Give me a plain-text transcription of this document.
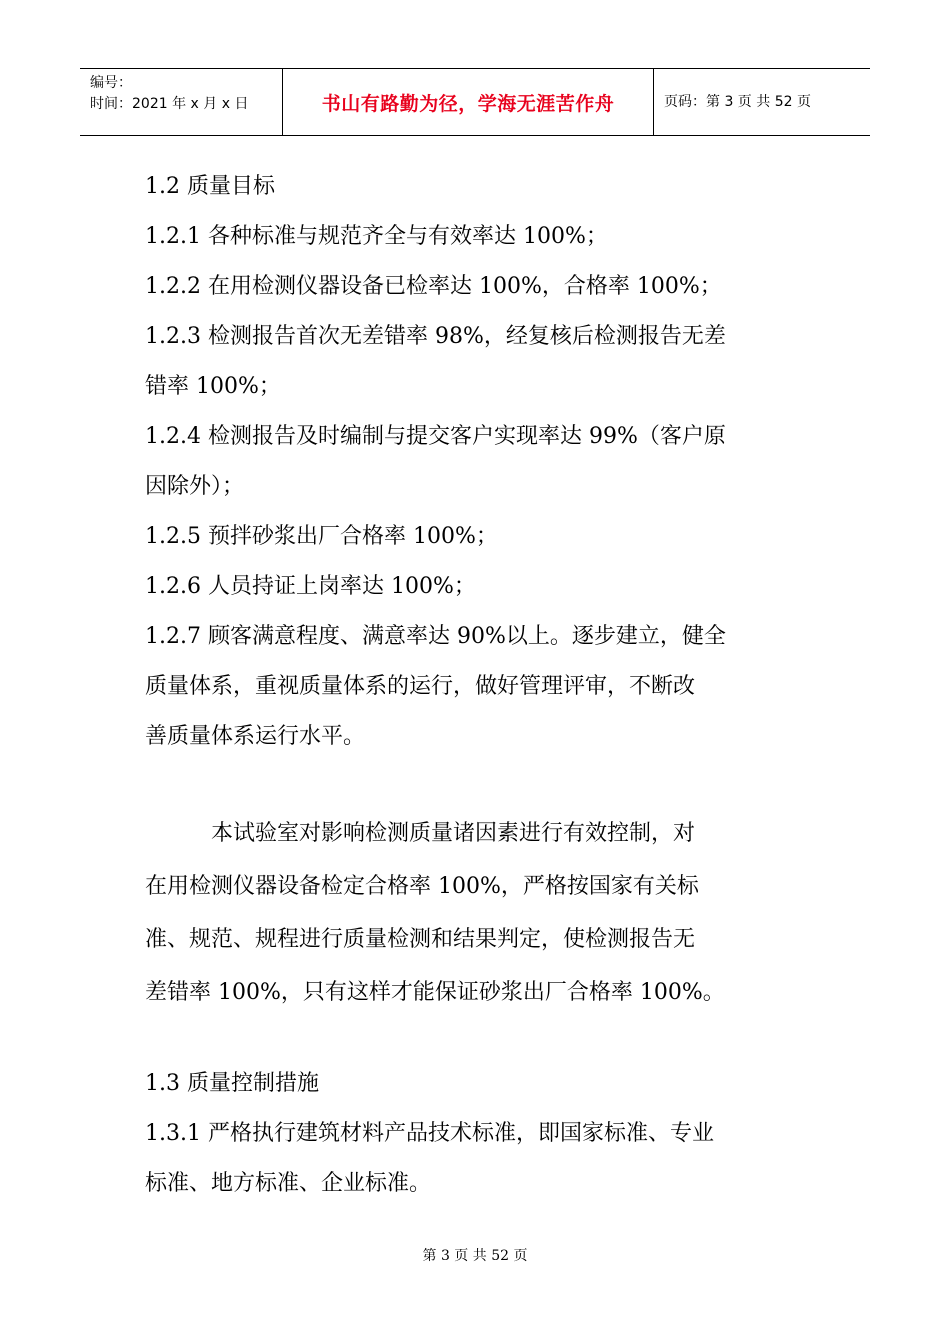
编号：
时间：2021 年 x 月 x 日	书山有路勤为径，学海无涯苦作舟	页码：第 3 页 共 52 页
1.2 质量目标
1.2.1 各种标准与规范齐全与有效率达 100%；
1.2.2 在用检测仪器设备已检率达 100%，合格率 100%；
1.2.3 检测报告首次无差错率 98%，经复核后检测报告无差
错率 100%；
1.2.4 检测报告及时编制与提交客户实现率达 99%（客户原
因除外）；
1.2.5 预拌砂浆出厂合格率 100%；
1.2.6 人员持证上岗率达 100%；
1.2.7 顾客满意程度、满意率达 90%以上。逐步建立，健全
质量体系，重视质量体系的运行，做好管理评审，不断改
善质量体系运行水平。
本试验室对影响检测质量诸因素进行有效控制，对
在用检测仪器设备检定合格率 100%，严格按国家有关标
准、规范、规程进行质量检测和结果判定，使检测报告无
差错率 100%，只有这样才能保证砂浆出厂合格率 100%。
1.3 质量控制措施
1.3.1 严格执行建筑材料产品技术标准，即国家标准、专业
标准、地方标准、企业标准。
第 3 页 共 52 页
